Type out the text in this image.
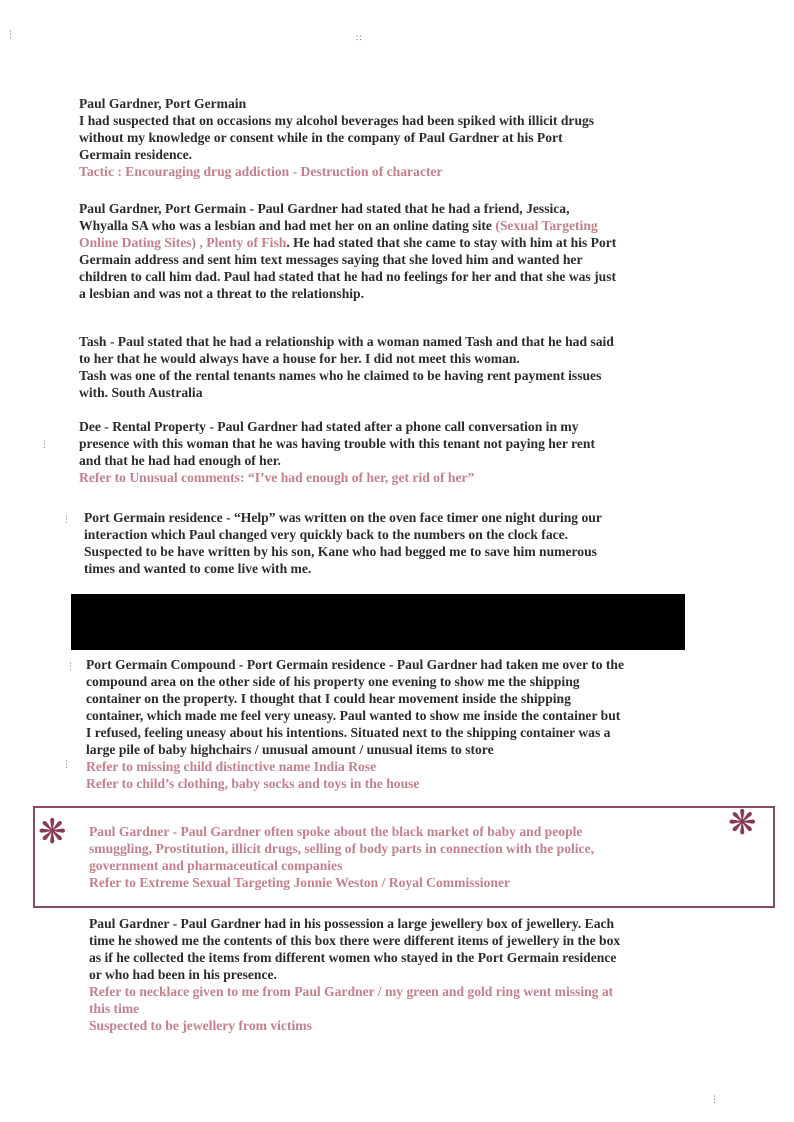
Paul Gardner, Port Germain
I had suspected that on occasions my alcohol beverages had been spiked with illicit drugs
without my knowledge or consent while in the company of Paul Gardner at his Port
Germain residence.
Tactic : Encouraging drug addiction - Destruction of character
Paul Gardner, Port Germain - Paul Gardner had stated that he had a friend, Jessica,
Whyalla SA who was a lesbian and had met her on an online dating site (Sexual Targeting
Online Dating Sites) , Plenty of Fish. He had stated that she came to stay with him at his Port
Germain address and sent him text messages saying that she loved him and wanted her
children to call him dad. Paul had stated that he had no feelings for her and that she was just
a lesbian and was not a threat to the relationship.
Tash - Paul stated that he had a relationship with a woman named Tash and that he had said
to her that he would always have a house for her. I did not meet this woman.
Tash was one of the rental tenants names who he claimed to be having rent payment issues
with. South Australia
Dee - Rental Property - Paul Gardner had stated after a phone call conversation in my
presence with this woman that he was having trouble with this tenant not paying her rent
and that he had had enough of her.
Refer to Unusual comments: “I’ve had enough of her, get rid of her”
Port Germain residence - “Help” was written on the oven face timer one night during our
interaction which Paul changed very quickly back to the numbers on the clock face.
Suspected to be have written by his son, Kane who had begged me to save him numerous
times and wanted to come live with me.
Port Germain Compound - Port Germain residence - Paul Gardner had taken me over to the
compound area on the other side of his property one evening to show me the shipping
container on the property. I thought that I could hear movement inside the shipping
container, which made me feel very uneasy. Paul wanted to show me inside the container but
I refused, feeling uneasy about his intentions. Situated next to the shipping container was a
large pile of baby highchairs / unusual amount / unusual items to store
Refer to missing child distinctive name India Rose
Refer to child’s clothing, baby socks and toys in the house
❋	❋
Paul Gardner - Paul Gardner often spoke about the black market of baby and people
smuggling, Prostitution, illicit drugs, selling of body parts in connection with the police,
government and pharmaceutical companies
Refer to Extreme Sexual Targeting Jonnie Weston / Royal Commissioner
Paul Gardner - Paul Gardner had in his possession a large jewellery box of jewellery. Each
time he showed me the contents of this box there were different items of jewellery in the box
as if he collected the items from different women who stayed in the Port Germain residence
or who had been in his presence.
Refer to necklace given to me from Paul Gardner / my green and gold ring went missing at
this time
Suspected to be jewellery from victims
⋮	∷
⋮
⋮
⋮
⋮
⋮
